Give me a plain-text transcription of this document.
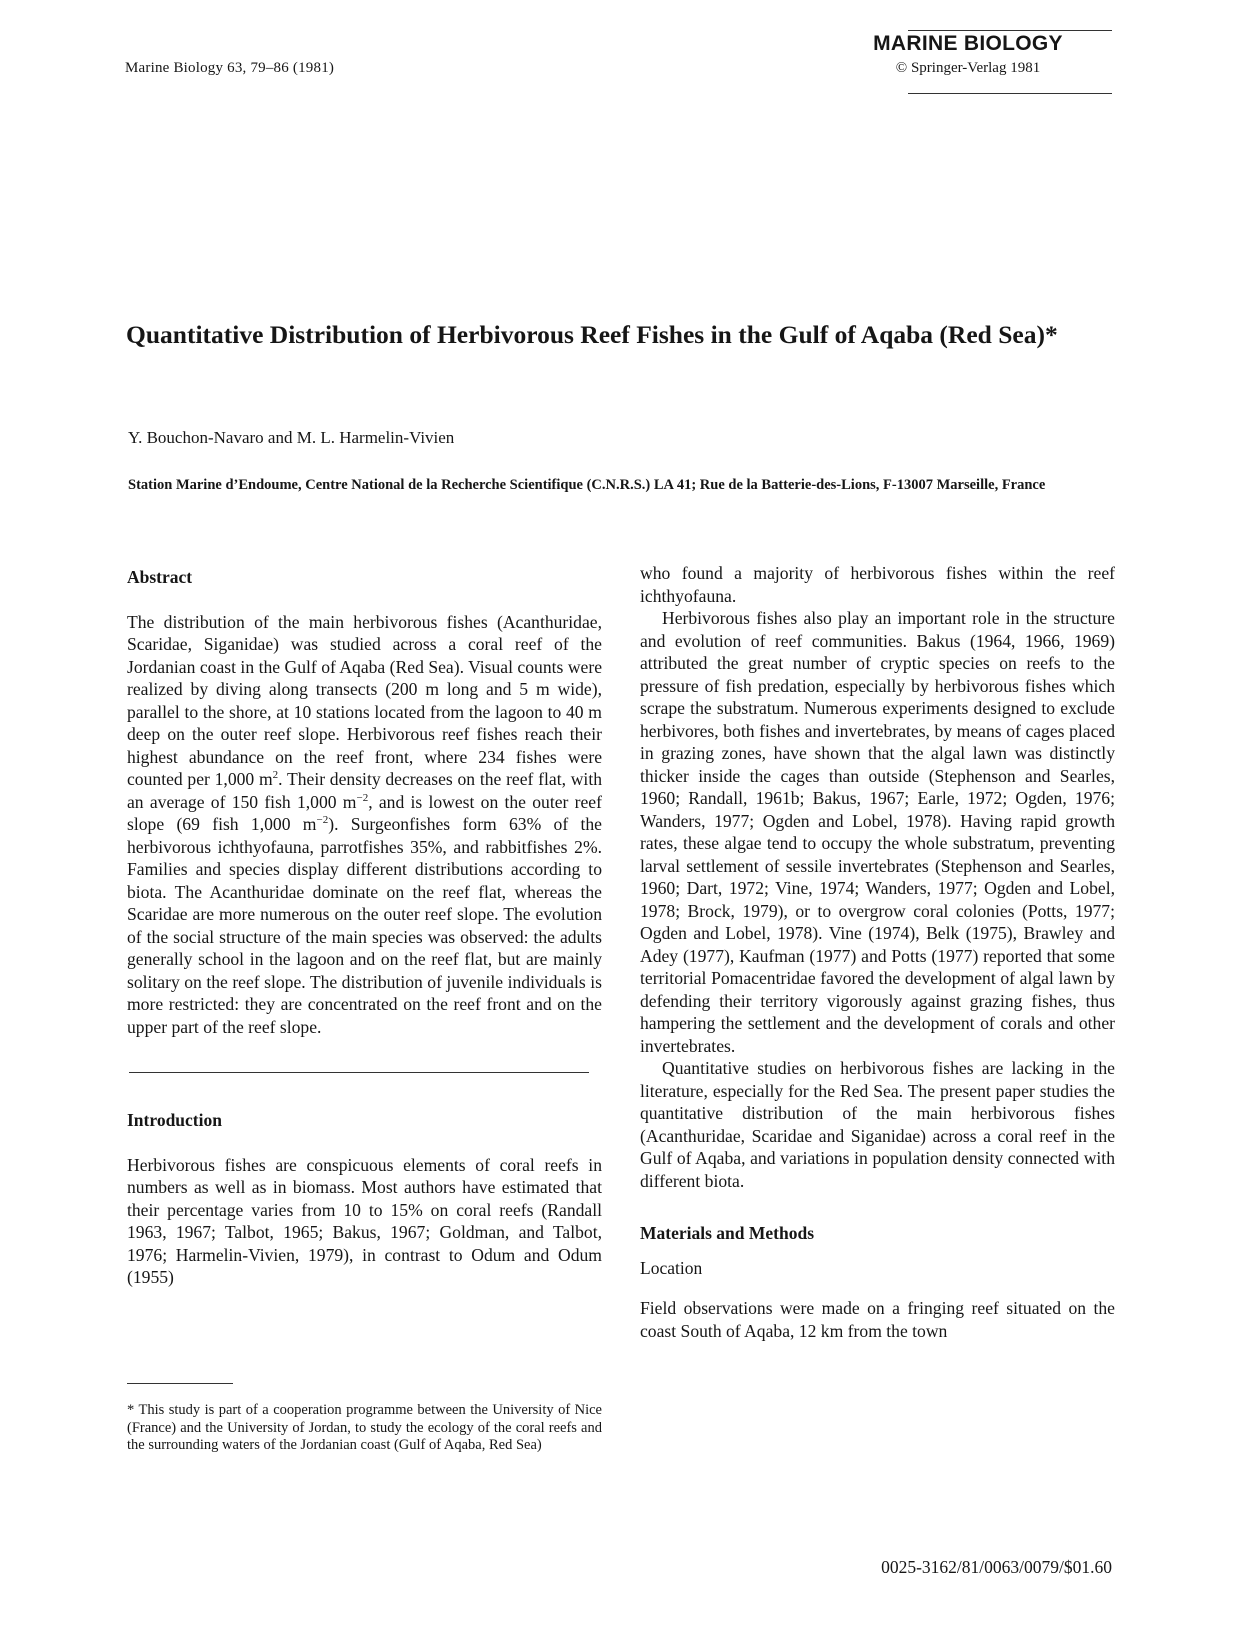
Marine Biology 63, 79–86 (1981)
MARINE BIOLOGY
© Springer-Verlag 1981
Quantitative Distribution of Herbivorous Reef Fishes in the Gulf of Aqaba (Red Sea)*
Y. Bouchon-Navaro and M. L. Harmelin-Vivien
Station Marine d’Endoume, Centre National de la Recherche Scientifique (C.N.R.S.) LA 41; Rue de la Batterie-des-Lions, F-13007 Marseille, France

Abstract

The distribution of the main herbivorous fishes (Acanthuridae, Scaridae, Siganidae) was studied across a coral reef of the Jordanian coast in the Gulf of Aqaba (Red Sea). Visual counts were realized by diving along transects (200 m long and 5 m wide), parallel to the shore, at 10 stations located from the lagoon to 40 m deep on the outer reef slope. Herbivorous reef fishes reach their highest abundance on the reef front, where 234 fishes were counted per 1,000 $m^2$. Their density decreases on the reef flat, with an average of 150 fish 1,000 $m^{-2}$, and is lowest on the outer reef slope (69 fish 1,000 $m^{-2}$). Surgeonfishes form 63% of the herbivorous ichthyofauna, parrotfishes 35%, and rabbitfishes 2%. Families and species display different distributions according to biota. The Acanthuridae dominate on the reef flat, whereas the Scaridae are more numerous on the outer reef slope. The evolution of the social structure of the main species was observed: the adults generally school in the lagoon and on the reef flat, but are mainly solitary on the reef slope. The distribution of juvenile individuals is more restricted: they are concentrated on the reef front and on the upper part of the reef slope.

Introduction

Herbivorous fishes are conspicuous elements of coral reefs in numbers as well as in biomass. Most authors have estimated that their percentage varies from 10 to 15% on coral reefs (Randall 1963, 1967; Talbot, 1965; Bakus, 1967; Goldman, and Talbot, 1976; Harmelin-Vivien, 1979), in contrast to Odum and Odum (1955)

* This study is part of a cooperation programme between the University of Nice (France) and the University of Jordan, to study the ecology of the coral reefs and the surrounding waters of the Jordanian coast (Gulf of Aqaba, Red Sea)

who found a majority of herbivorous fishes within the reef ichthyofauna.

Herbivorous fishes also play an important role in the structure and evolution of reef communities. Bakus (1964, 1966, 1969) attributed the great number of cryptic species on reefs to the pressure of fish predation, especially by herbivorous fishes which scrape the substratum. Numerous experiments designed to exclude herbivores, both fishes and invertebrates, by means of cages placed in grazing zones, have shown that the algal lawn was distinctly thicker inside the cages than outside (Stephenson and Searles, 1960; Randall, 1961b; Bakus, 1967; Earle, 1972; Ogden, 1976; Wanders, 1977; Ogden and Lobel, 1978). Having rapid growth rates, these algae tend to occupy the whole substratum, preventing larval settlement of sessile invertebrates (Stephenson and Searles, 1960; Dart, 1972; Vine, 1974; Wanders, 1977; Ogden and Lobel, 1978; Brock, 1979), or to overgrow coral colonies (Potts, 1977; Ogden and Lobel, 1978). Vine (1974), Belk (1975), Brawley and Adey (1977), Kaufman (1977) and Potts (1977) reported that some territorial Pomacentridae favored the development of algal lawn by defending their territory vigorously against grazing fishes, thus hampering the settlement and the development of corals and other invertebrates.

Quantitative studies on herbivorous fishes are lacking in the literature, especially for the Red Sea. The present paper studies the quantitative distribution of the main herbivorous fishes (Acanthuridae, Scaridae and Siganidae) across a coral reef in the Gulf of Aqaba, and variations in population density connected with different biota.

Materials and Methods

Location

Field observations were made on a fringing reef situated on the coast South of Aqaba, 12 km from the town

0025-3162/81/0063/0079/$01.60
